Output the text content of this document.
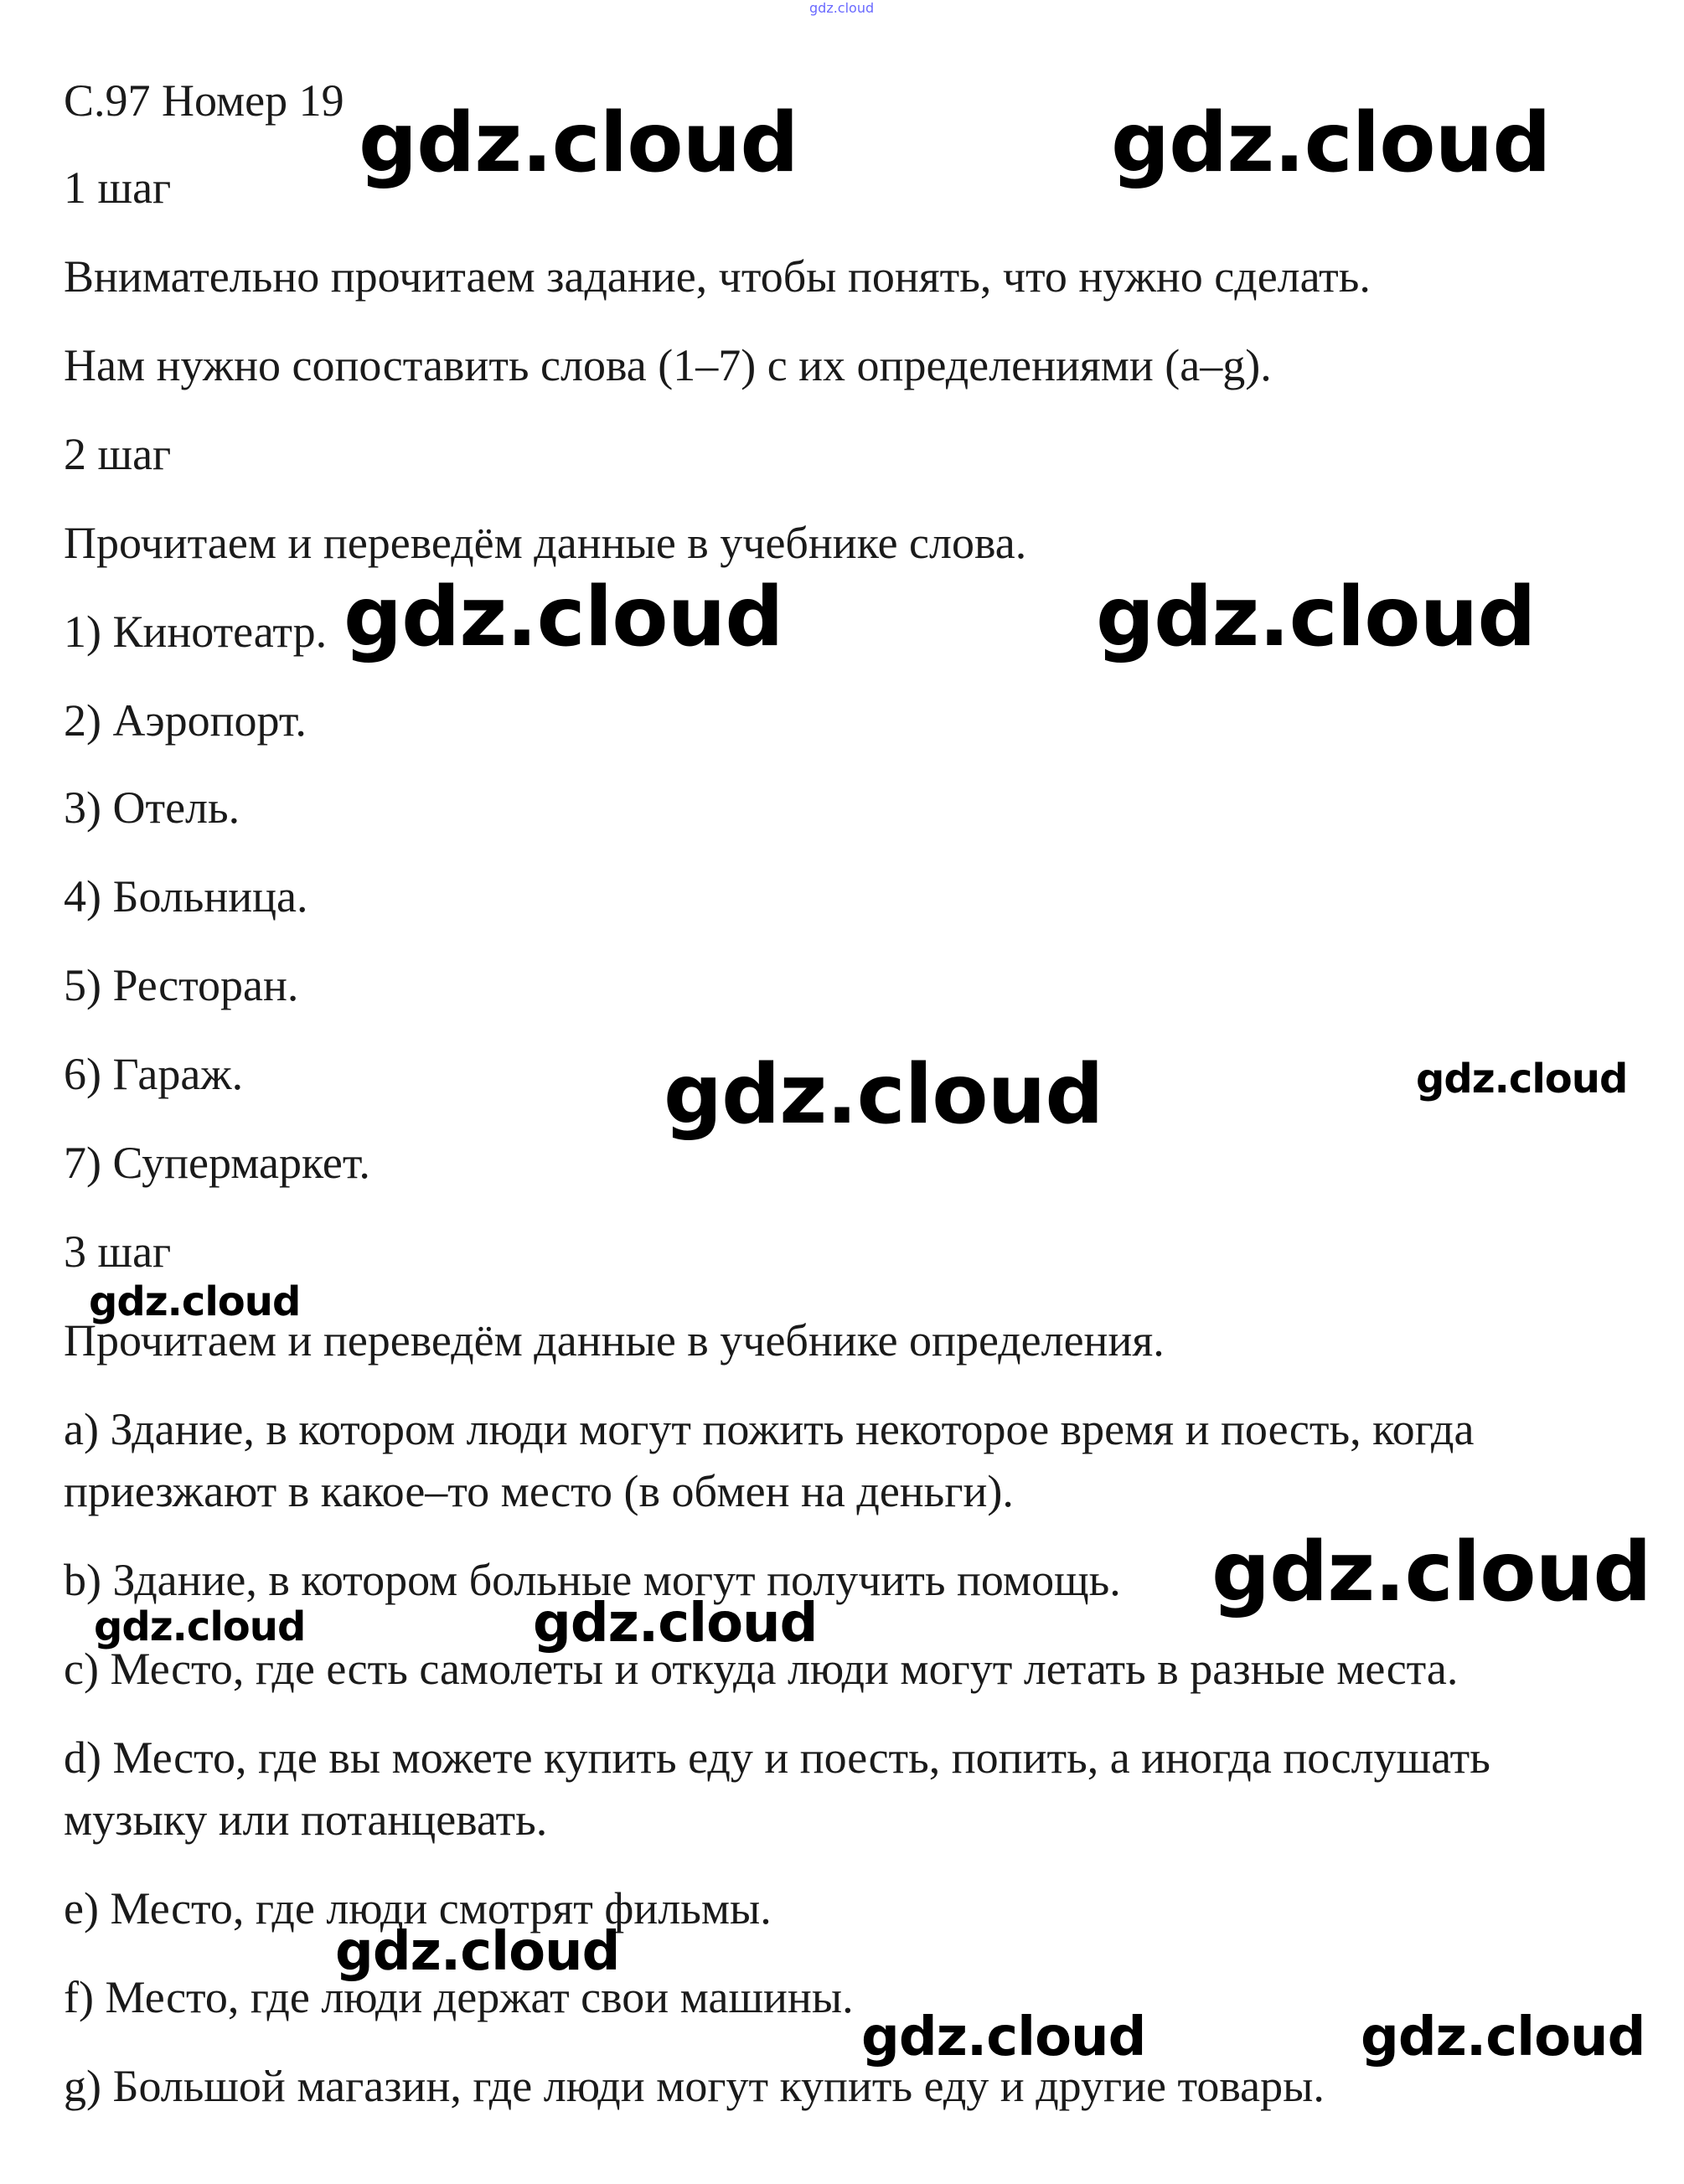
gdz.cloud
С.97 Номер 19
1 шаг
Внимательно прочитаем задание, чтобы понять, что нужно сделать.
Нам нужно сопоставить слова (1–7) с их определениями (a–g).
2 шаг
Прочитаем и переведём данные в учебнике слова.
1) Кинотеатр.
2) Аэропорт.
3) Отель.
4) Больница.
5) Ресторан.
6) Гараж.
7) Супермаркет.
3 шаг
Прочитаем и переведём данные в учебнике определения.
a) Здание, в котором люди могут пожить некоторое время и поесть, когда
приезжают в какое–то место (в обмен на деньги).
b) Здание, в котором больные могут получить помощь.
c) Место, где есть самолеты и откуда люди могут летать в разные места.
d) Место, где вы можете купить еду и поесть, попить, а иногда послушать
музыку или потанцевать.
e) Место, где люди смотрят фильмы.
f) Место, где люди держат свои машины.
g) Большой магазин, где люди могут купить еду и другие товары.
gdz.cloud	gdz.cloud
gdz.cloud	gdz.cloud
gdz.cloud	gdz.cloud
gdz.cloud
gdz.cloud
gdz.cloud	gdz.cloud
gdz.cloud
gdz.cloud	gdz.cloud
